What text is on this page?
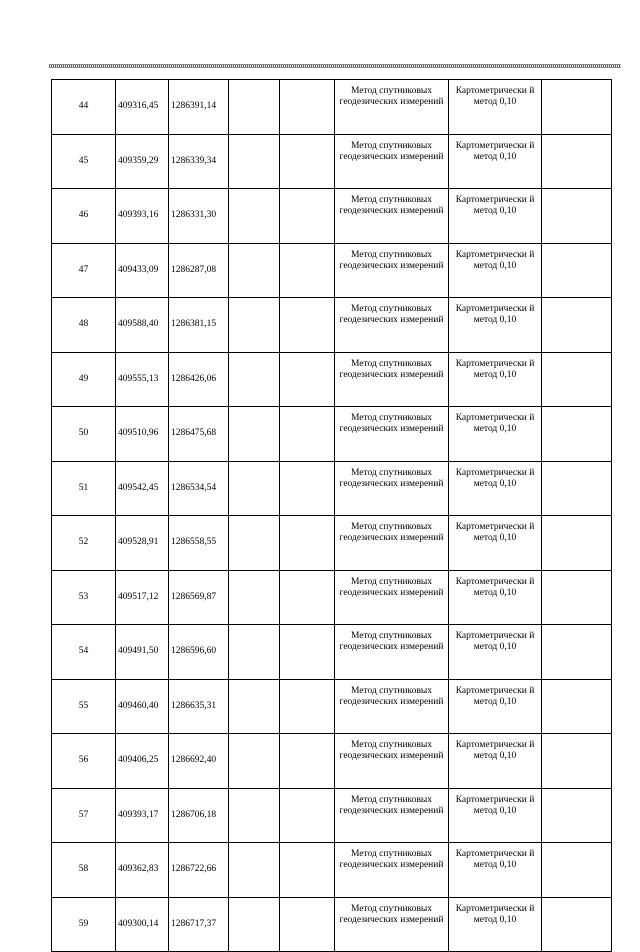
44	409316,45	1286391,14			Метод спутниковых геодезических измерений	Картометрически й метод 0,10	
45	409359,29	1286339,34			Метод спутниковых геодезических измерений	Картометрически й метод 0,10	
46	409393,16	1286331,30			Метод спутниковых геодезических измерений	Картометрически й метод 0,10	
47	409433,09	1286287,08			Метод спутниковых геодезических измерений	Картометрически й метод 0,10	
48	409588,40	1286381,15			Метод спутниковых геодезических измерений	Картометрически й метод 0,10	
49	409555,13	1286426,06			Метод спутниковых геодезических измерений	Картометрически й метод 0,10	
50	409510,96	1286475,68			Метод спутниковых геодезических измерений	Картометрически й метод 0,10	
51	409542,45	1286534,54			Метод спутниковых геодезических измерений	Картометрически й метод 0,10	
52	409528,91	1286558,55			Метод спутниковых геодезических измерений	Картометрически й метод 0,10	
53	409517,12	1286569,87			Метод спутниковых геодезических измерений	Картометрически й метод 0,10	
54	409491,50	1286596,60			Метод спутниковых геодезических измерений	Картометрически й метод 0,10	
55	409460,40	1286635,31			Метод спутниковых геодезических измерений	Картометрически й метод 0,10	
56	409406,25	1286692,40			Метод спутниковых геодезических измерений	Картометрически й метод 0,10	
57	409393,17	1286706,18			Метод спутниковых геодезических измерений	Картометрически й метод 0,10	
58	409362,83	1286722,66			Метод спутниковых геодезических измерений	Картометрически й метод 0,10	
59	409300,14	1286717,37			Метод спутниковых геодезических измерений	Картометрически й метод 0,10	
